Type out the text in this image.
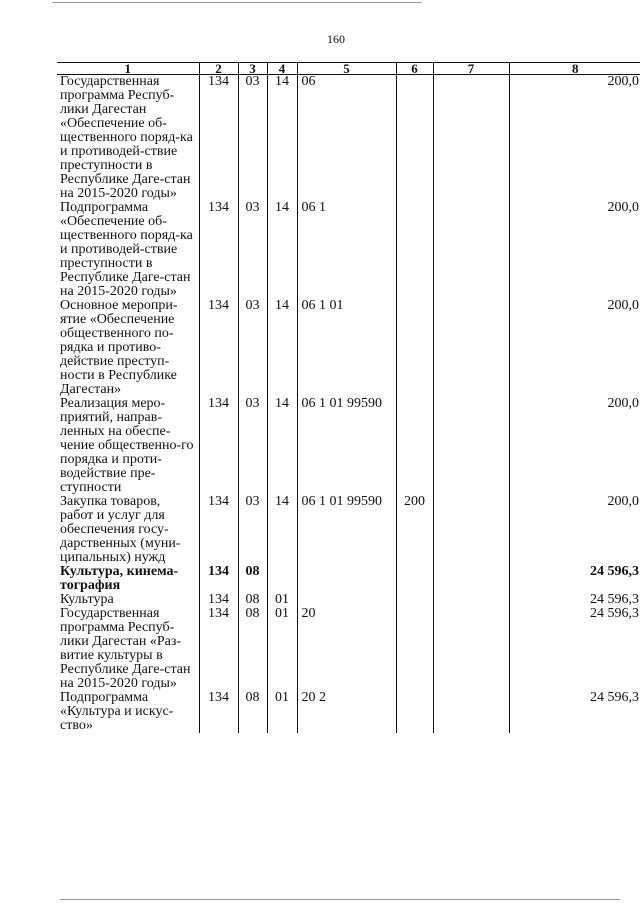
160
1	2	3	4	5	6	7	8
Государственная программа Респуб-лики Дагестан «Обеспечение об-щественного поряд-ка и противодей-ствие преступности в Республике Даге-стан на 2015-2020 годы»	134	03	14	06			200,0
Подпрограмма «Обеспечение об-щественного поряд-ка и противодей-ствие преступности в Республике Даге-стан на 2015-2020 годы»	134	03	14	06 1			200,0
Основное меропри-ятие «Обеспечение общественного по-рядка и противо-действие преступ-ности в Республике Дагестан»	134	03	14	06 1 01			200,0
Реализация меро-приятий, направ-ленных на обеспе-чение общественно-го порядка и проти-водействие пре-ступности	134	03	14	06 1 01 99590			200,0
Закупка товаров, работ и услуг для обеспечения госу-дарственных (муни-ципальных) нужд	134	03	14	06 1 01 99590	200		200,0
Культура, кинема-тография	134	08					24 596,3
Культура	134	08	01				24 596,3
Государственная программа Респуб-лики Дагестан «Раз-витие культуры в Республике Даге-стан на 2015-2020 годы»	134	08	01	20			24 596,3
Подпрограмма «Культура и искус-ство»	134	08	01	20 2			24 596,3
